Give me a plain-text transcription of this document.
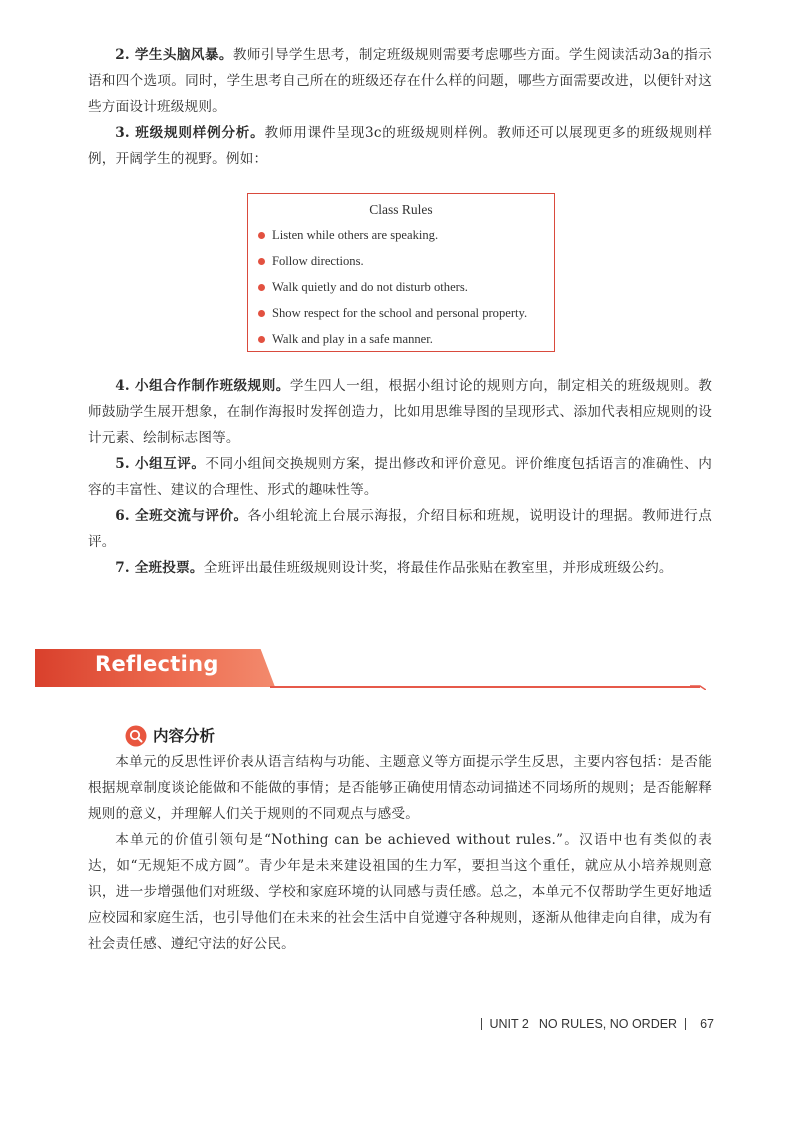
2. 学生头脑风暴。教师引导学生思考，制定班级规则需要考虑哪些方面。学生阅读活动3a的指示语和四个选项。同时，学生思考自己所在的班级还存在什么样的问题，哪些方面需要改进，以便针对这些方面设计班级规则。

3. 班级规则样例分析。教师用课件呈现3c的班级规则样例。教师还可以展现更多的班级规则样例，开阔学生的视野。例如：

Class Rules
Listen while others are speaking.
Follow directions.
Walk quietly and do not disturb others.
Show respect for the school and personal property.
Walk and play in a safe manner.

4. 小组合作制作班级规则。学生四人一组，根据小组讨论的规则方向，制定相关的班级规则。教师鼓励学生展开想象，在制作海报时发挥创造力，比如用思维导图的呈现形式、添加代表相应规则的设计元素、绘制标志图等。

5. 小组互评。不同小组间交换规则方案，提出修改和评价意见。评价维度包括语言的准确性、内容的丰富性、建议的合理性、形式的趣味性等。

6. 全班交流与评价。各小组轮流上台展示海报，介绍目标和班规，说明设计的理据。教师进行点评。

7. 全班投票。全班评出最佳班级规则设计奖，将最佳作品张贴在教室里，并形成班级公约。

Reflecting
内容分析

本单元的反思性评价表从语言结构与功能、主题意义等方面提示学生反思，主要内容包括：是否能根据规章制度谈论能做和不能做的事情；是否能够正确使用情态动词描述不同场所的规则；是否能解释规则的意义，并理解人们关于规则的不同观点与感受。

本单元的价值引领句是“Nothing can be achieved without rules.”。汉语中也有类似的表达，如“无规矩不成方圆”。青少年是未来建设祖国的生力军，要担当这个重任，就应从小培养规则意识，进一步增强他们对班级、学校和家庭环境的认同感与责任感。总之，本单元不仅帮助学生更好地适应校园和家庭生活，也引导他们在未来的社会生活中自觉遵守各种规则，逐渐从他律走向自律，成为有社会责任感、遵纪守法的好公民。

UNIT 2 NO RULES, NO ORDER 67
